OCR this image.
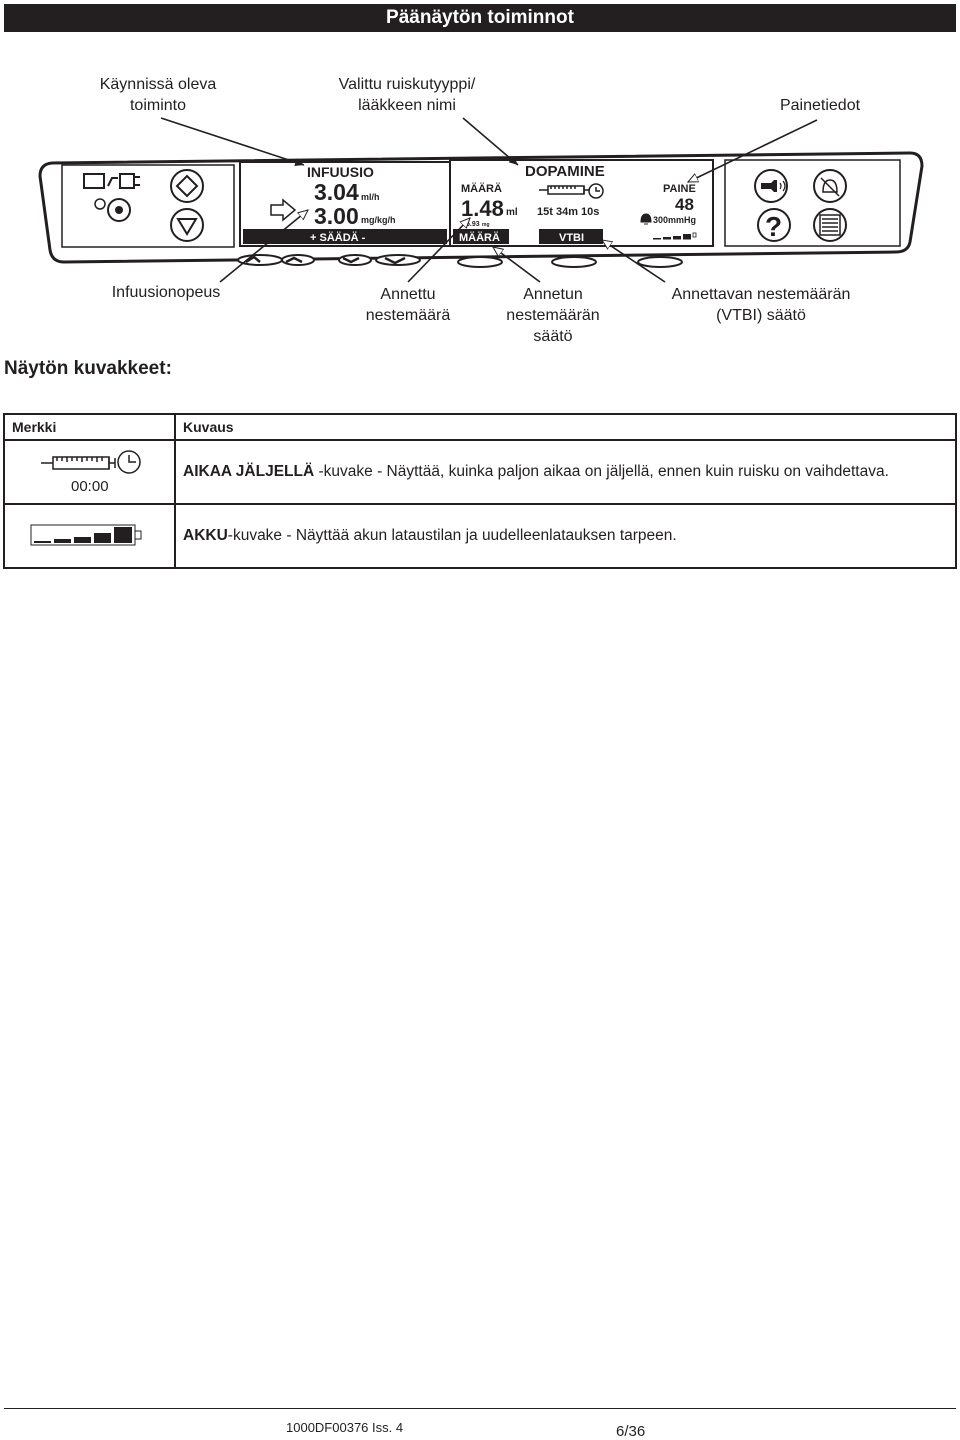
Päänäytön toiminnot
Käynnissä oleva
toiminto
Valittu ruiskutyyppi/
lääkkeen nimi	Painetiedot
INFUUSIO
3.04 ml/h
3.00 mg/kg/h
+ SÄÄDÄ -
MÄÄRÄ
1.48 ml
5.93 mg
MÄÄRÄ
DOPAMINE
15t 34m 10s
VTBI
PAINE
48
300mmHg ?
Infuusionopeus	Annettu
nestemäärä
Annetun
nestemäärän
säätö
Annettavan nestemäärän
(VTBI) säätö
Näytön kuvakkeet:
Merkki	Kuvaus

00:00	AIKAA JÄLJELLÄ -kuvake - Näyttää, kuinka paljon aikaa on jäljellä, ennen kuin ruisku on vaihdettava.

	AKKU-kuvake - Näyttää akun lataustilan ja uudelleenlatauksen tarpeen.
1000DF00376 Iss. 4	6/36
